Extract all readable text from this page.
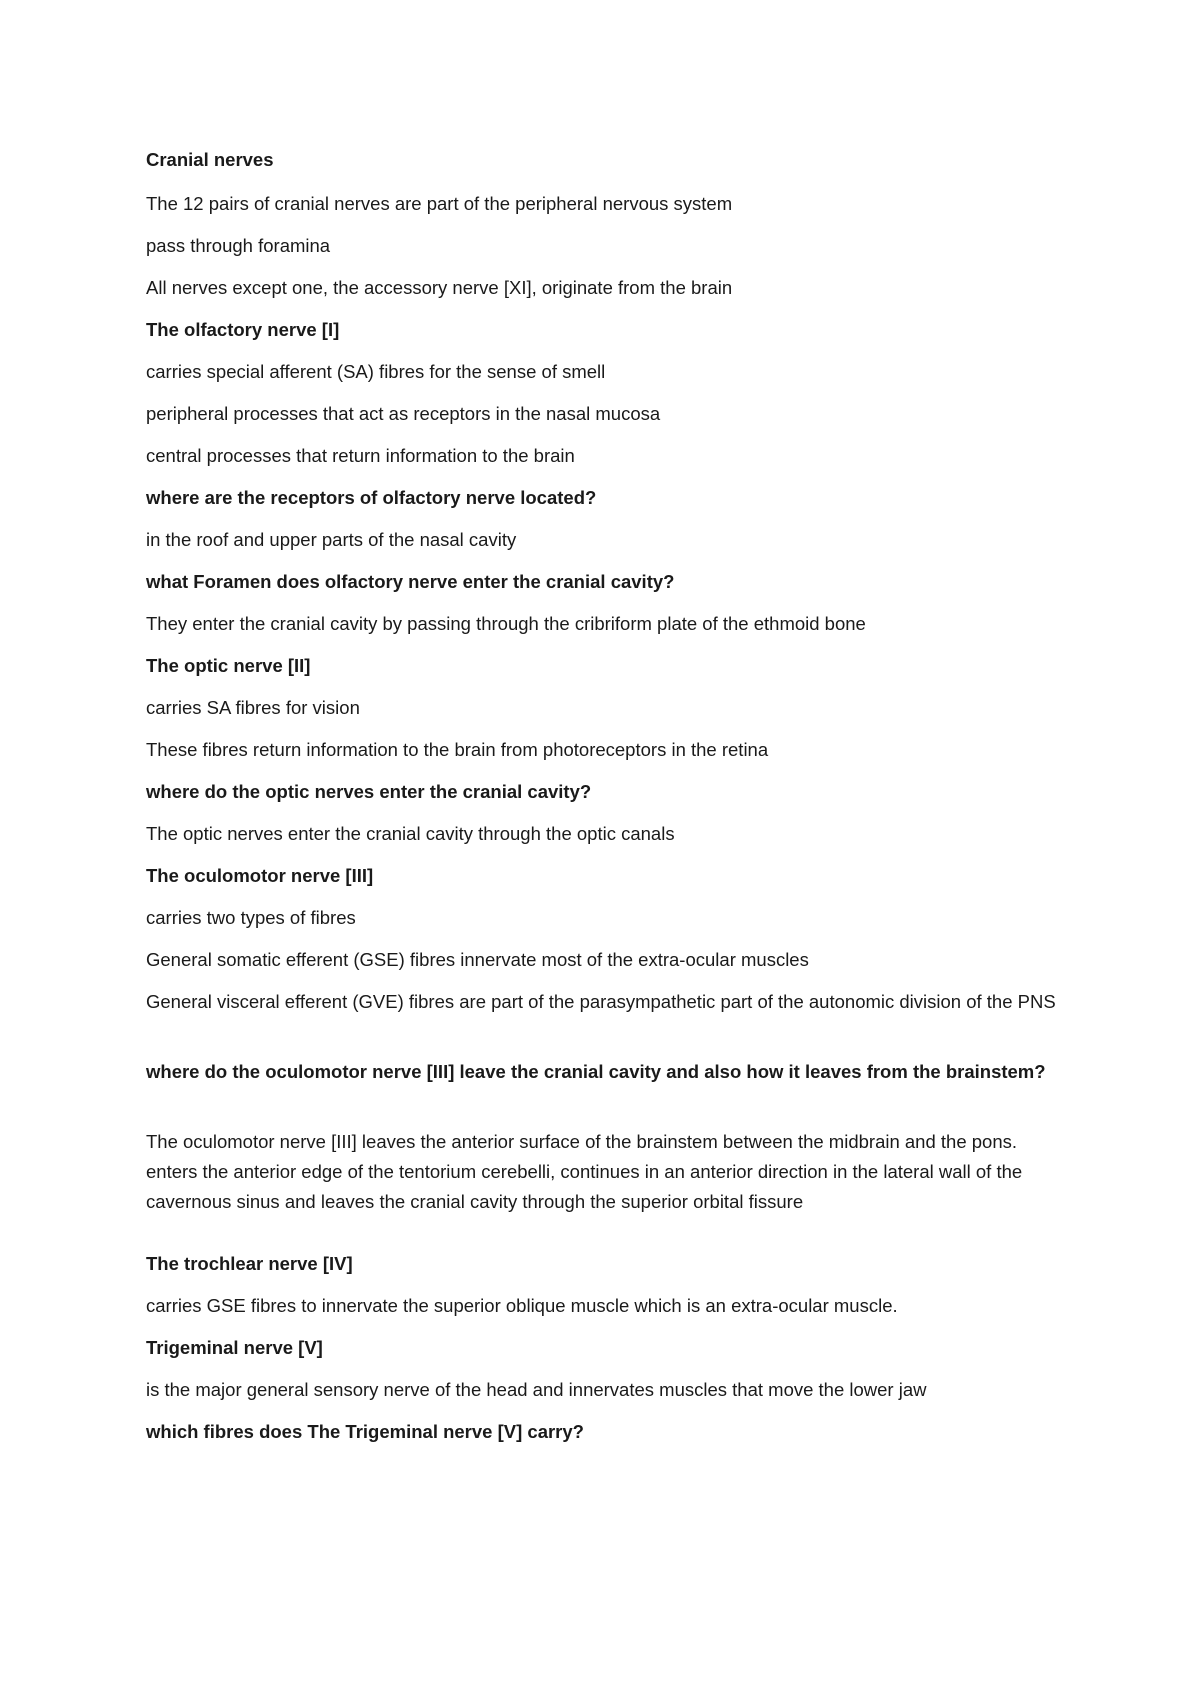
Cranial nerves
The 12 pairs of cranial nerves are part of the peripheral nervous system
pass through foramina
All nerves except one, the accessory nerve [XI], originate from the brain
The olfactory nerve [I]
carries special afferent (SA) fibres for the sense of smell
peripheral processes that act as receptors in the nasal mucosa
central processes that return information to the brain
where are the receptors of olfactory nerve located?
in the roof and upper parts of the nasal cavity
what Foramen does olfactory nerve enter the cranial cavity?
They enter the cranial cavity by passing through the cribriform plate of the ethmoid bone
The optic nerve [II]
carries SA fibres for vision
These fibres return information to the brain from photoreceptors in the retina
where do the optic nerves enter the cranial cavity?
The optic nerves enter the cranial cavity through the optic canals
The oculomotor nerve [III]
carries two types of fibres
General somatic efferent (GSE) fibres innervate most of the extra-ocular muscles
General visceral efferent (GVE) fibres are part of the parasympathetic part of the autonomic division of the PNS
where do the oculomotor nerve [III] leave the cranial cavity and also how it leaves from the brainstem?
The oculomotor nerve [III] leaves the anterior surface of the brainstem between the midbrain and the pons. enters the anterior edge of the tentorium cerebelli, continues in an anterior direction in the lateral wall of the cavernous sinus and leaves the cranial cavity through the superior orbital fissure
The trochlear nerve [IV]
carries GSE fibres to innervate the superior oblique muscle which is an extra-ocular muscle.
Trigeminal nerve [V]
is the major general sensory nerve of the head and innervates muscles that move the lower jaw
which fibres does The Trigeminal nerve [V] carry?
